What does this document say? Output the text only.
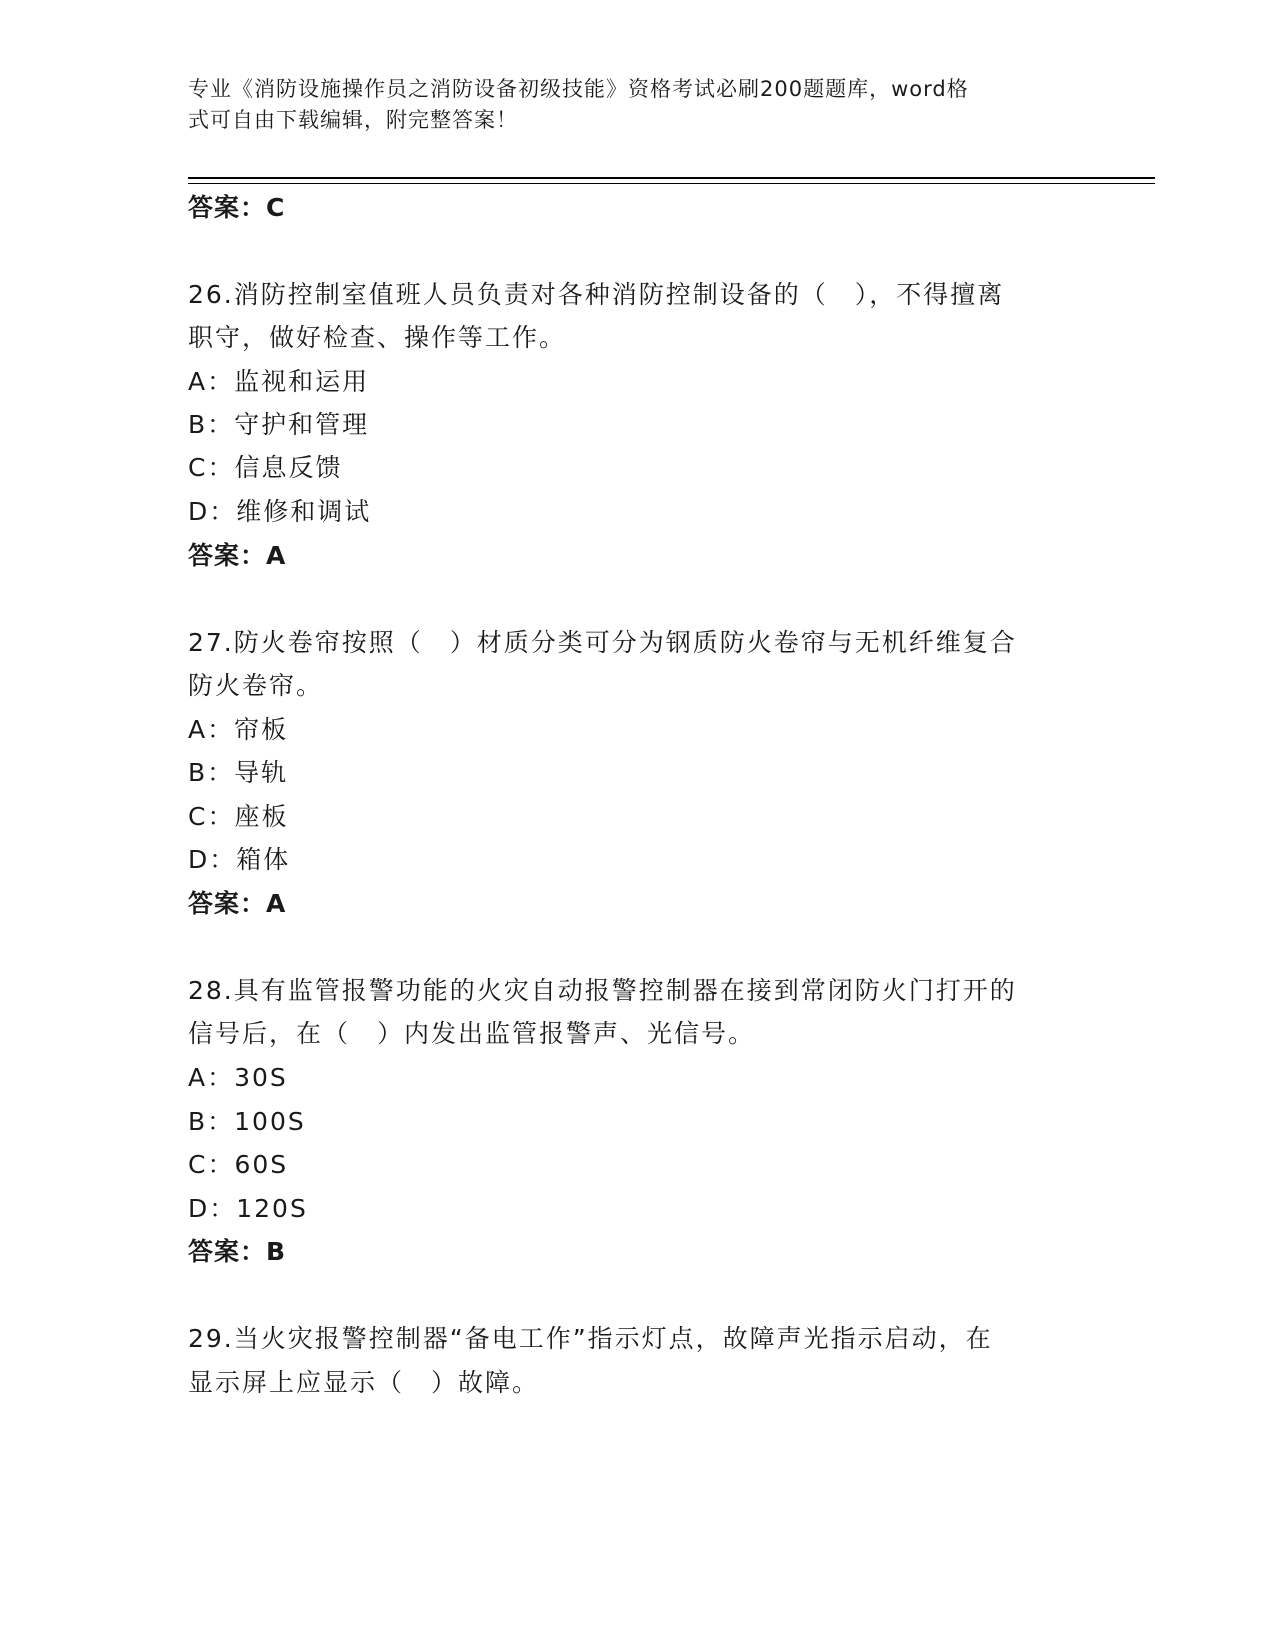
专业《消防设施操作员之消防设备初级技能》资格考试必刷200题题库，word格
式可自由下载编辑，附完整答案！
答案：C
26.消防控制室值班人员负责对各种消防控制设备的（　），不得擅离
职守，做好检查、操作等工作。
A：监视和运用
B：守护和管理
C：信息反馈
D：维修和调试
答案：A
27.防火卷帘按照（　）材质分类可分为钢质防火卷帘与无机纤维复合
防火卷帘。
A：帘板
B：导轨
C：座板
D：箱体
答案：A
28.具有监管报警功能的火灾自动报警控制器在接到常闭防火门打开的
信号后，在（　）内发出监管报警声、光信号。
A：30S
B：100S
C：60S
D：120S
答案：B
29.当火灾报警控制器“备电工作”指示灯点，故障声光指示启动，在
显示屏上应显示（　）故障。
